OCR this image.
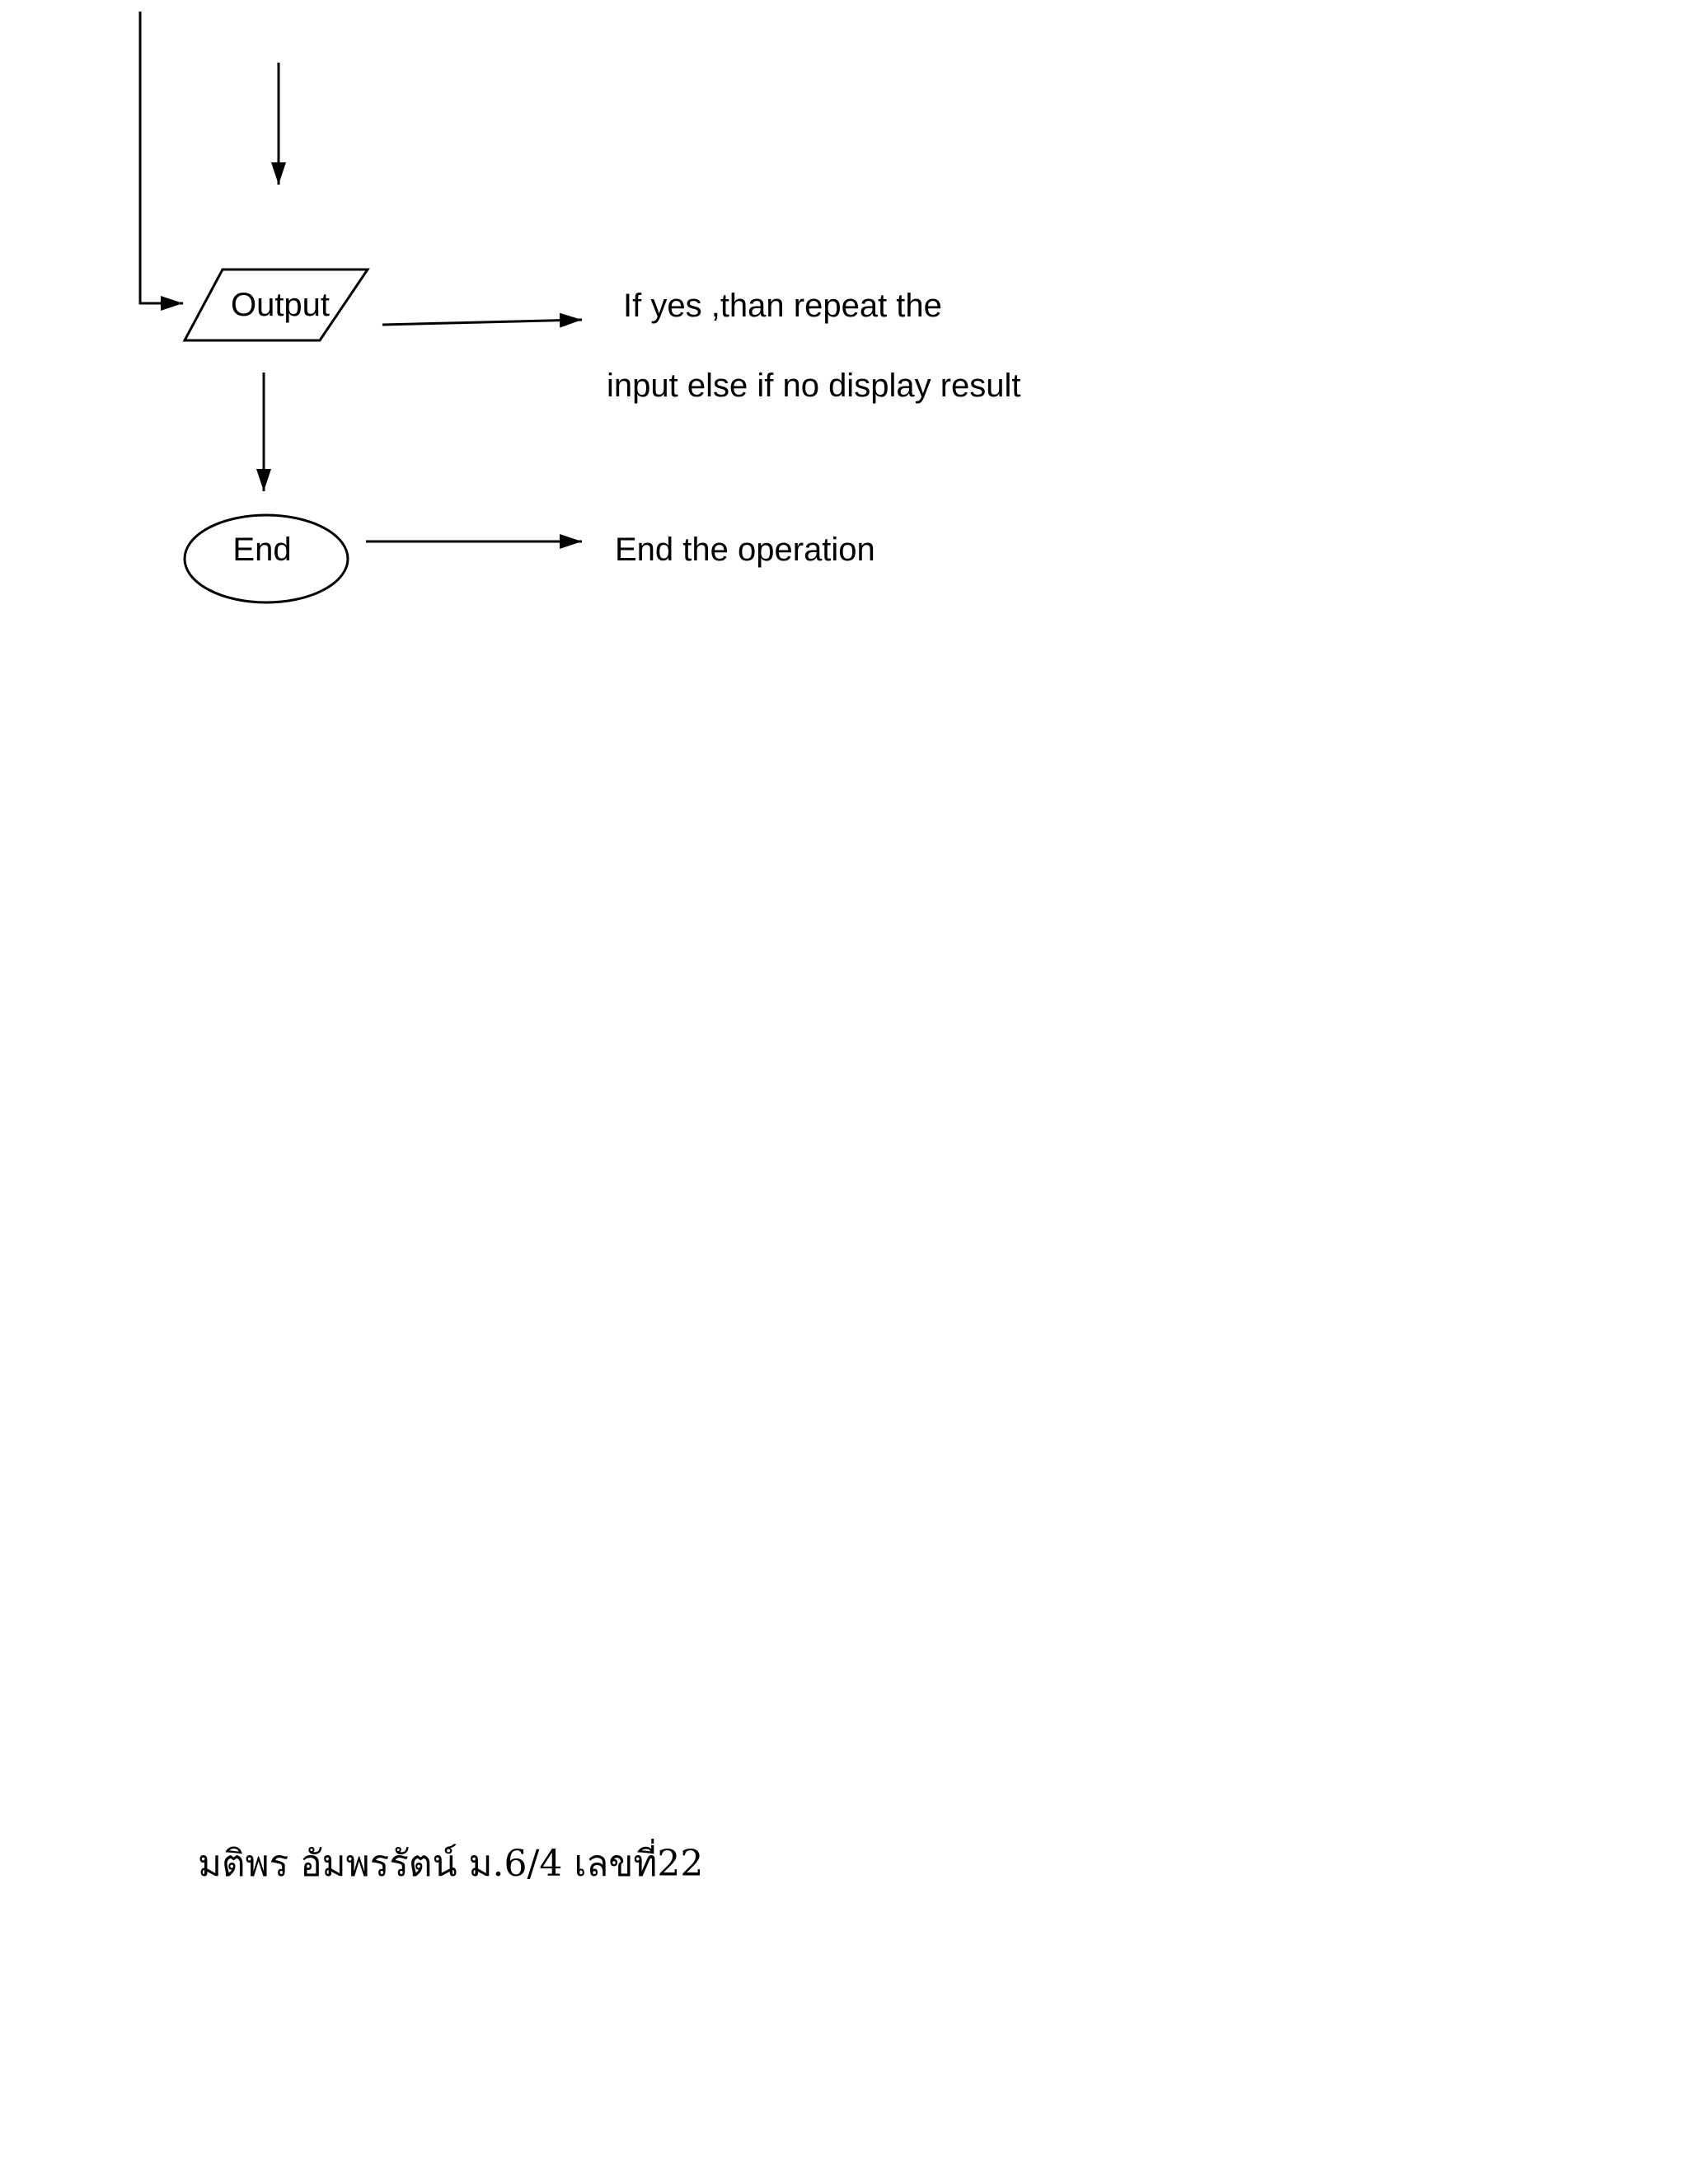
Output	If yes ,than repeat the
input else if no display result
End	End the operation
มติพร อัมพรรัตน์ ม.6/4 เลขที่22
